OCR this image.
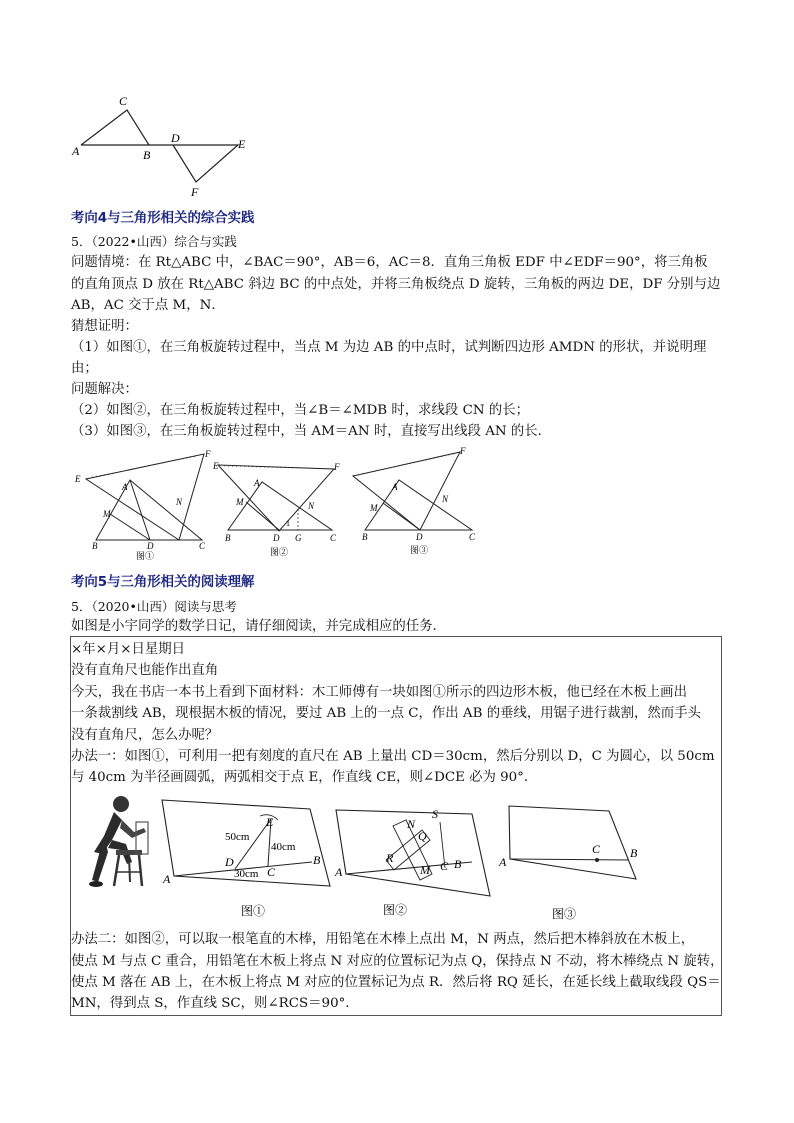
C
A	B
D	E
F
考向4与三角形相关的综合实践
5．（2022•山西）综合与实践
问题情境：在 Rt△ABC 中，∠BAC＝90°，AB＝6，AC＝8．直角三角板 EDF 中∠EDF＝90°，将三角板
的直角顶点 D 放在 Rt△ABC 斜边 BC 的中点处，并将三角板绕点 D 旋转，三角板的两边 DE，DF 分别与边
AB，AC 交于点 M，N．
猜想证明：
（1）如图①，在三角板旋转过程中，当点 M 为边 AB 的中点时，试判断四边形 AMDN 的形状，并说明理
由；
问题解决：
（2）如图②，在三角板旋转过程中，当∠B＝∠MDB 时，求线段 CN 的长；
（3）如图③，在三角板旋转过程中，当 AM＝AN 时，直接写出线段 AN 的长．
E
F
A
M
N
B	D	C
图①
E	F
A
M	N
B	D G	C
1
图②
F
A
M
N
B	D	C
图③
考向5与三角形相关的阅读理解
5．（2020•山西）阅读与思考
如图是小宇同学的数学日记，请仔细阅读，并完成相应的任务．
×年×月×日星期日
没有直角尺也能作出直角
今天，我在书店一本书上看到下面材料：木工师傅有一块如图①所示的四边形木板，他已经在木板上画出
一条裁割线 AB，现根据木板的情况，要过 AB 上的一点 C，作出 AB 的垂线，用锯子进行裁割，然而手头
没有直角尺，怎么办呢？
办法一：如图①，可利用一把有刻度的直尺在 AB 上量出 CD＝30cm，然后分别以 D，C 为圆心，以 50cm
与 40cm 为半径画圆弧，两弧相交于点 E，作直线 CE，则∠DCE 必为 90°．
E
50cm
40cm
D
C
30cm
A
B
图①
S
N
Q
R
M C B
A
图②
C
A
B
图③
办法二：如图②，可以取一根笔直的木棒，用铅笔在木棒上点出 M，N 两点，然后把木棒斜放在木板上，
使点 M 与点 C 重合，用铅笔在木板上将点 N 对应的位置标记为点 Q，保持点 N 不动，将木棒绕点 N 旋转，
使点 M 落在 AB 上，在木板上将点 M 对应的位置标记为点 R．然后将 RQ 延长，在延长线上截取线段 QS＝
MN，得到点 S，作直线 SC，则∠RCS＝90°．
